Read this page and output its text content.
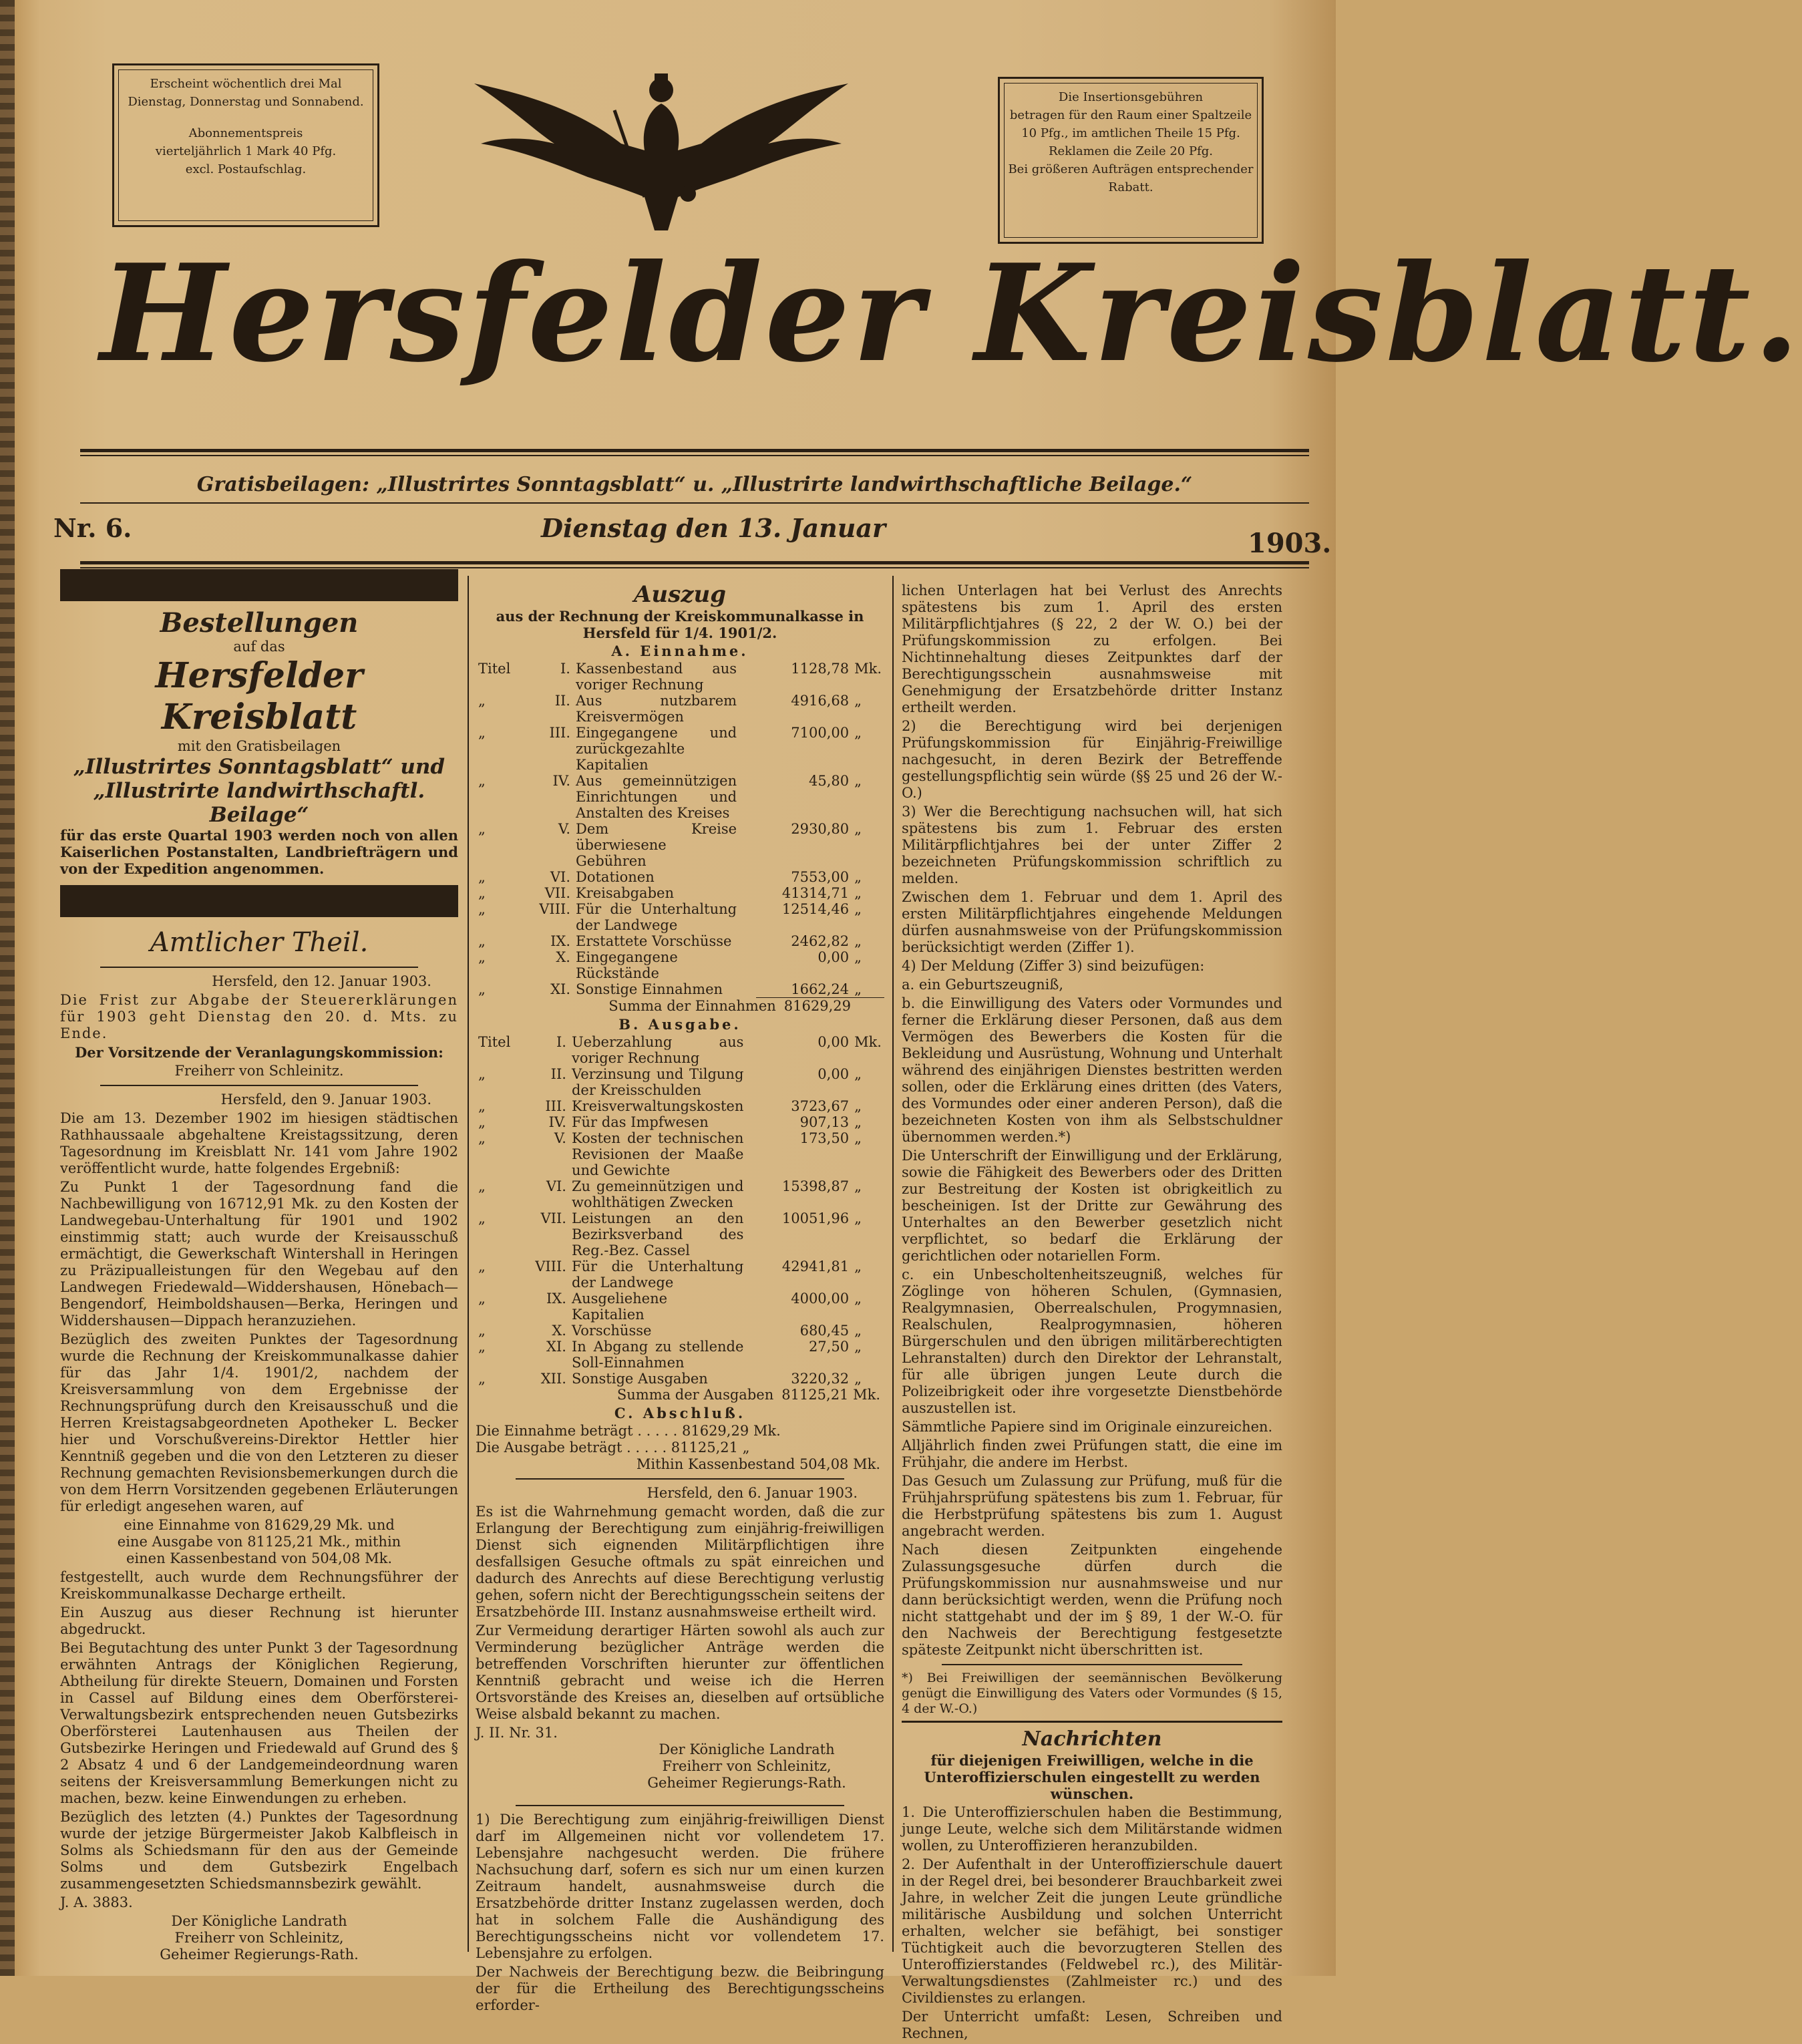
Erscheint wöchentlich drei Mal

Dienstag, Donnerstag und Sonnabend.

Abonnementspreis

vierteljährlich 1 Mark 40 Pfg.

excl. Postaufschlag.

Die Insertionsgebühren

betragen für den Raum einer Spaltzeile

10 Pfg., im amtlichen Theile 15 Pfg.

Reklamen die Zeile 20 Pfg.

Bei größeren Aufträgen entsprechender

Rabatt.

Hersfelder Kreisblatt.
Gratisbeilagen: „Illustrirtes Sonntagsblatt“ u. „Illustrirte landwirthschaftliche Beilage.“
Nr. 6.	Dienstag den 13. Januar	1903.
Bestellungen
auf das
Hersfelder Kreisblatt
mit den Gratisbeilagen
„Illustrirtes Sonntagsblatt“ und
„Illustrirte landwirthschaftl. Beilage“

für das erste Quartal 1903 werden noch von allen Kaiserlichen Postanstalten, Landbriefträgern und von der Expedition angenommen.

Amtlicher Theil.

Hersfeld, den 12. Januar 1903.

Die Frist zur Abgabe der Steuererklärungen für 1903 geht Dienstag den 20. d. Mts. zu Ende.

Der Vorsitzende der Veranlagungskommission:

Freiherr von Schleinitz.

Hersfeld, den 9. Januar 1903.

Die am 13. Dezember 1902 im hiesigen städtischen Rathhaussaale abgehaltene Kreistagssitzung, deren Tagesordnung im Kreisblatt Nr. 141 vom Jahre 1902 veröffentlicht wurde, hatte folgendes Ergebniß:

Zu Punkt 1 der Tagesordnung fand die Nachbewilligung von 16712,91 Mk. zu den Kosten der Landwegebau-Unterhaltung für 1901 und 1902 einstimmig statt; auch wurde der Kreisausschuß ermächtigt, die Gewerkschaft Wintershall in Heringen zu Präzipualleistungen für den Wegebau auf den Landwegen Friedewald—Widdershausen, Hönebach—Bengendorf, Heimboldshausen—Berka, Heringen und Widdershausen—Dippach heranzuziehen.

Bezüglich des zweiten Punktes der Tagesordnung wurde die Rechnung der Kreiskommunalkasse dahier für das Jahr 1/4. 1901/2, nachdem der Kreisversammlung von dem Ergebnisse der Rechnungsprüfung durch den Kreisausschuß und die Herren Kreistagsabgeordneten Apotheker L. Becker hier und Vorschußvereins-Direktor Hettler hier Kenntniß gegeben und die von den Letzteren zu dieser Rechnung gemachten Revisionsbemerkungen durch die von dem Herrn Vorsitzenden gegebenen Erläuterungen für erledigt angesehen waren, auf

eine Einnahme von 81629,29 Mk. und

eine Ausgabe von 81125,21 Mk., mithin

einen Kassenbestand von 504,08 Mk.

festgestellt, auch wurde dem Rechnungsführer der Kreiskommunalkasse Decharge ertheilt.

Ein Auszug aus dieser Rechnung ist hierunter abgedruckt.

Bei Begutachtung des unter Punkt 3 der Tagesordnung erwähnten Antrags der Königlichen Regierung, Abtheilung für direkte Steuern, Domainen und Forsten in Cassel auf Bildung eines dem Oberförsterei-Verwaltungsbezirk entsprechenden neuen Gutsbezirks Oberförsterei Lautenhausen aus Theilen der Gutsbezirke Heringen und Friedewald auf Grund des § 2 Absatz 4 und 6 der Landgemeindeordnung waren seitens der Kreisversammlung Bemerkungen nicht zu machen, bezw. keine Einwendungen zu erheben.

Bezüglich des letzten (4.) Punktes der Tagesordnung wurde der jetzige Bürgermeister Jakob Kalbfleisch in Solms als Schiedsmann für den aus der Gemeinde Solms und dem Gutsbezirk Engelbach zusammengesetzten Schiedsmannsbezirk gewählt.

J. A. 3883.

Der Königliche Landrath

Freiherr von Schleinitz,

Geheimer Regierungs-Rath.

Auszug
aus der Rechnung der Kreiskommunalkasse in Hersfeld für 1/4. 1901/2.
A. Einnahme.
Titel	I.	Kassenbestand aus voriger Rechnung	1128,78	Mk.
„	II.	Aus nutzbarem Kreisvermögen	4916,68	„
„	III.	Eingegangene und zurückgezahlte Kapitalien	7100,00	„
„	IV.	Aus gemeinnützigen Einrichtungen und Anstalten des Kreises	45,80	„
„	V.	Dem Kreise überwiesene Gebühren	2930,80	„
„	VI.	Dotationen	7553,00	„
„	VII.	Kreisabgaben	41314,71	„
„	VIII.	Für die Unterhaltung der Landwege	12514,46	„
„	IX.	Erstattete Vorschüsse	2462,82	„
„	X.	Eingegangene Rückstände	0,00	„
„	XI.	Sonstige Einnahmen	1662,24	„
Summa der Einnahmen 81629,29
B. Ausgabe.
Titel	I.	Ueberzahlung aus voriger Rechnung	0,00	Mk.
„	II.	Verzinsung und Tilgung der Kreisschulden	0,00	„
„	III.	Kreisverwaltungskosten	3723,67	„
„	IV.	Für das Impfwesen	907,13	„
„	V.	Kosten der technischen Revisionen der Maaße und Gewichte	173,50	„
„	VI.	Zu gemeinnützigen und wohlthätigen Zwecken	15398,87	„
„	VII.	Leistungen an den Bezirksverband des Reg.-Bez. Cassel	10051,96	„
„	VIII.	Für die Unterhaltung der Landwege	42941,81	„
„	IX.	Ausgeliehene Kapitalien	4000,00	„
„	X.	Vorschüsse	680,45	„
„	XI.	In Abgang zu stellende Soll-Einnahmen	27,50	„
„	XII.	Sonstige Ausgaben	3220,32	„
Summa der Ausgaben 81125,21 Mk.
C. Abschluß.

Die Einnahme beträgt . . . . . 81629,29 Mk.

Die Ausgabe beträgt . . . . . 81125,21 „

Mithin Kassenbestand 504,08 Mk.

Hersfeld, den 6. Januar 1903.

Es ist die Wahrnehmung gemacht worden, daß die zur Erlangung der Berechtigung zum einjährig-freiwilligen Dienst sich eignenden Militärpflichtigen ihre desfallsigen Gesuche oftmals zu spät einreichen und dadurch des Anrechts auf diese Berechtigung verlustig gehen, sofern nicht der Berechtigungsschein seitens der Ersatzbehörde III. Instanz ausnahmsweise ertheilt wird.

Zur Vermeidung derartiger Härten sowohl als auch zur Verminderung bezüglicher Anträge werden die betreffenden Vorschriften hierunter zur öffentlichen Kenntniß gebracht und weise ich die Herren Ortsvorstände des Kreises an, dieselben auf ortsübliche Weise alsbald bekannt zu machen.

J. II. Nr. 31.

Der Königliche Landrath

Freiherr von Schleinitz,

Geheimer Regierungs-Rath.

1) Die Berechtigung zum einjährig-freiwilligen Dienst darf im Allgemeinen nicht vor vollendetem 17. Lebensjahre nachgesucht werden. Die frühere Nachsuchung darf, sofern es sich nur um einen kurzen Zeitraum handelt, ausnahmsweise durch die Ersatzbehörde dritter Instanz zugelassen werden, doch hat in solchem Falle die Aushändigung des Berechtigungsscheins nicht vor vollendetem 17. Lebensjahre zu erfolgen.

Der Nachweis der Berechtigung bezw. die Beibringung der für die Ertheilung des Berechtigungsscheins erforder-

lichen Unterlagen hat bei Verlust des Anrechts spätestens bis zum 1. April des ersten Militärpflichtjahres (§ 22, 2 der W. O.) bei der Prüfungskommission zu erfolgen. Bei Nichtinnehaltung dieses Zeitpunktes darf der Berechtigungsschein ausnahmsweise mit Genehmigung der Ersatzbehörde dritter Instanz ertheilt werden.

2) die Berechtigung wird bei derjenigen Prüfungskommission für Einjährig-Freiwillige nachgesucht, in deren Bezirk der Betreffende gestellungspflichtig sein würde (§§ 25 und 26 der W.-O.)

3) Wer die Berechtigung nachsuchen will, hat sich spätestens bis zum 1. Februar des ersten Militärpflichtjahres bei der unter Ziffer 2 bezeichneten Prüfungskommission schriftlich zu melden.

Zwischen dem 1. Februar und dem 1. April des ersten Militärpflichtjahres eingehende Meldungen dürfen ausnahmsweise von der Prüfungskommission berücksichtigt werden (Ziffer 1).

4) Der Meldung (Ziffer 3) sind beizufügen:

a. ein Geburtszeugniß,

b. die Einwilligung des Vaters oder Vormundes und ferner die Erklärung dieser Personen, daß aus dem Vermögen des Bewerbers die Kosten für die Bekleidung und Ausrüstung, Wohnung und Unterhalt während des einjährigen Dienstes bestritten werden sollen, oder die Erklärung eines dritten (des Vaters, des Vormundes oder einer anderen Person), daß die bezeichneten Kosten von ihm als Selbstschuldner übernommen werden.*)

Die Unterschrift der Einwilligung und der Erklärung, sowie die Fähigkeit des Bewerbers oder des Dritten zur Bestreitung der Kosten ist obrigkeitlich zu bescheinigen. Ist der Dritte zur Gewährung des Unterhaltes an den Bewerber gesetzlich nicht verpflichtet, so bedarf die Erklärung der gerichtlichen oder notariellen Form.

c. ein Unbescholtenheitszeugniß, welches für Zöglinge von höheren Schulen, (Gymnasien, Realgymnasien, Oberrealschulen, Progymnasien, Realschulen, Realprogymnasien, höheren Bürgerschulen und den übrigen militärberechtigten Lehranstalten) durch den Direktor der Lehranstalt, für alle übrigen jungen Leute durch die Polizeibrigkeit oder ihre vorgesetzte Dienstbehörde auszustellen ist.

Sämmtliche Papiere sind im Originale einzureichen.

Alljährlich finden zwei Prüfungen statt, die eine im Frühjahr, die andere im Herbst.

Das Gesuch um Zulassung zur Prüfung, muß für die Frühjahrsprüfung spätestens bis zum 1. Februar, für die Herbstprüfung spätestens bis zum 1. August angebracht werden.

Nach diesen Zeitpunkten eingehende Zulassungsgesuche dürfen durch die Prüfungskommission nur ausnahmsweise und nur dann berücksichtigt werden, wenn die Prüfung noch nicht stattgehabt und der im § 89, 1 der W.-O. für den Nachweis der Berechtigung festgesetzte späteste Zeitpunkt nicht überschritten ist.

*) Bei Freiwilligen der seemännischen Bevölkerung genügt die Einwilligung des Vaters oder Vormundes (§ 15, 4 der W.-O.)

Nachrichten

für diejenigen Freiwilligen, welche in die Unteroffizierschulen eingestellt zu werden wünschen.

1. Die Unteroffizierschulen haben die Bestimmung, junge Leute, welche sich dem Militärstande widmen wollen, zu Unteroffizieren heranzubilden.

2. Der Aufenthalt in der Unteroffizierschule dauert in der Regel drei, bei besonderer Brauchbarkeit zwei Jahre, in welcher Zeit die jungen Leute gründliche militärische Ausbildung und solchen Unterricht erhalten, welcher sie befähigt, bei sonstiger Tüchtigkeit auch die bevorzugteren Stellen des Unteroffizierstandes (Feldwebel rc.), des Militär-Verwaltungsdienstes (Zahlmeister rc.) und des Civildienstes zu erlangen.

Der Unterricht umfaßt: Lesen, Schreiben und Rechnen,
